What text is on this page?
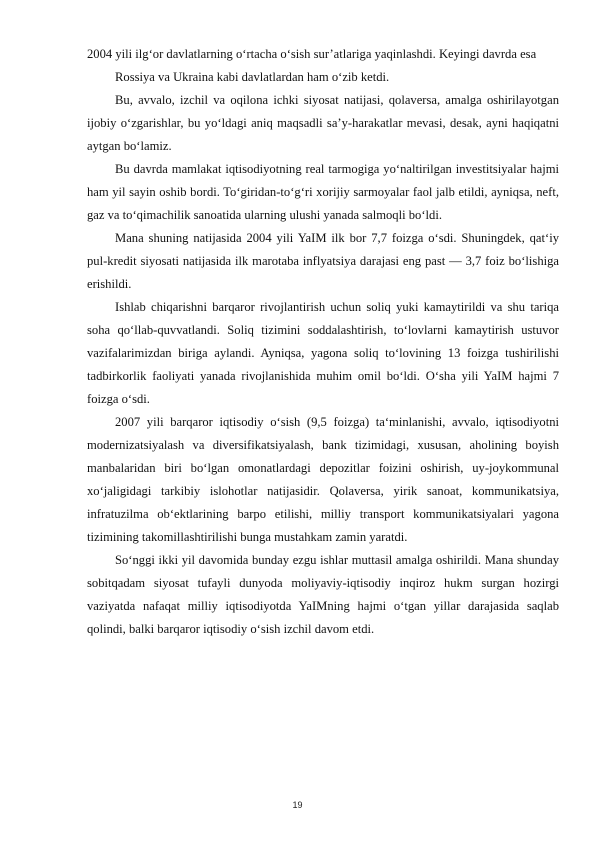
2004 yili ilg‘or davlatlarning o‘rtacha o‘sish sur’atlariga yaqinlashdi. Keyingi davrda esa

Rossiya va Ukraina kabi davlatlardan ham o‘zib ketdi.

Bu, avvalo, izchil va oqilona ichki siyosat natijasi, qolaversa, amalga oshirilayotgan ijobiy o‘zgarishlar, bu yo‘ldagi aniq maqsadli sa’y-harakatlar mevasi, desak, ayni haqiqatni aytgan bo‘lamiz.

Bu davrda mamlakat iqtisodiyotning real tarmogiga yo‘naltirilgan investitsiyalar hajmi ham yil sayin oshib bordi. To‘giridan-to‘g‘ri xorijiy sarmoyalar faol jalb etildi, ayniqsa, neft, gaz va to‘qimachilik sanoatida ularning ulushi yanada salmoqli bo‘ldi.

Mana shuning natijasida 2004 yili YaIM ilk bor 7,7 foizga o‘sdi. Shuningdek, qat‘iy pul-kredit siyosati natijasida ilk marotaba inflyatsiya darajasi eng past — 3,7 foiz bo‘lishiga erishildi.

Ishlab chiqarishni barqaror rivojlantirish uchun soliq yuki kamaytirildi va shu tariqa soha qo‘llab-quvvatlandi. Soliq tizimini soddalashtirish, to‘lovlarni kamaytirish ustuvor vazifalarimizdan biriga aylandi. Ayniqsa, yagona soliq to‘lovining 13 foizga tushirilishi tadbirkorlik faoliyati yanada rivojlanishida muhim omil bo‘ldi. O‘sha yili YaIM hajmi 7 foizga o‘sdi.

2007 yili barqaror iqtisodiy o‘sish (9,5 foizga) ta‘minlanishi, avvalo, iqtisodiyotni modernizatsiyalash va diversifikatsiyalash, bank tizimidagi, xususan, aholining boyish manbalaridan biri bo‘lgan omonatlardagi depozitlar foizini oshirish, uy-joykommunal xo‘jaligidagi tarkibiy islohotlar natijasidir. Qolaversa, yirik sanoat, kommunikatsiya, infratuzilma ob‘ektlarining barpo etilishi, milliy transport kommunikatsiyalari yagona tizimining takomillashtirilishi bunga mustahkam zamin yaratdi.

So‘nggi ikki yil davomida bunday ezgu ishlar muttasil amalga oshirildi. Mana shunday sobitqadam siyosat tufayli dunyoda moliyaviy-iqtisodiy inqiroz hukm surgan hozirgi vaziyatda nafaqat milliy iqtisodiyotda YaIMning hajmi o‘tgan yillar darajasida saqlab qolindi, balki barqaror iqtisodiy o‘sish izchil davom etdi.

19
